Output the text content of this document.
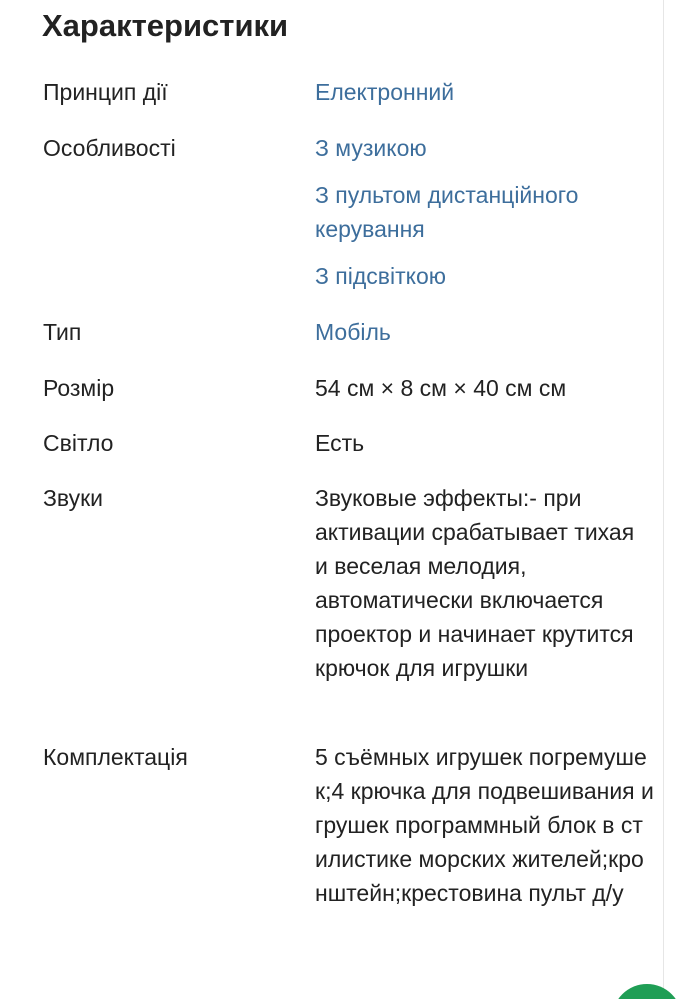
Характеристики
Принцип дії	Електронний
Особливості	З музикою
З пультом дистанційного керування
З підсвіткою
Тип	Мобіль
Розмір	54 см × 8 см × 40 см см
Світло	Есть
Звуки	Звуковые эффекты:- при активации срабатывает тихая и веселая мелодия, автоматически включается проектор и начинает крутится крючок для игрушки
Комплектація	5 съёмных игрушек погремушек;4 крючка для подвешивания игрушек программный блок в стилистике морских жителей;кронштейн;крестовина пульт д/у
